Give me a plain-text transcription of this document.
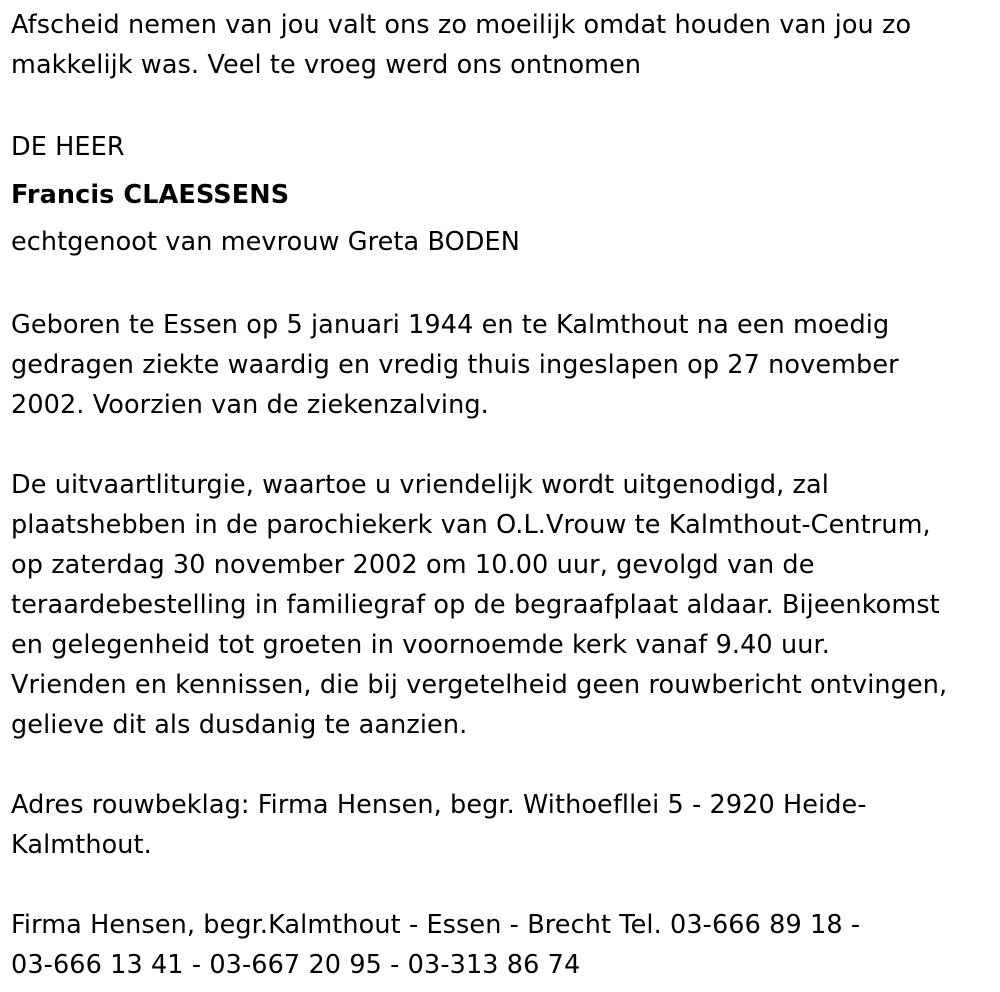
Afscheid nemen van jou valt ons zo moeilijk omdat houden van jou zo
makkelijk was. Veel te vroeg werd ons ontnomen
DE HEER
Francis CLAESSENS
echtgenoot van mevrouw Greta BODEN
Geboren te Essen op 5 januari 1944 en te Kalmthout na een moedig
gedragen ziekte waardig en vredig thuis ingeslapen op 27 november
2002. Voorzien van de ziekenzalving.
De uitvaartliturgie, waartoe u vriendelijk wordt uitgenodigd, zal
plaatshebben in de parochiekerk van O.L.Vrouw te Kalmthout-Centrum,
op zaterdag 30 november 2002 om 10.00 uur, gevolgd van de
teraardebestelling in familiegraf op de begraafplaat aldaar. Bijeenkomst
en gelegenheid tot groeten in voornoemde kerk vanaf 9.40 uur.
Vrienden en kennissen, die bij vergetelheid geen rouwbericht ontvingen,
gelieve dit als dusdanig te aanzien.
Adres rouwbeklag: Firma Hensen, begr. Withoefllei 5 - 2920 Heide-
Kalmthout.
Firma Hensen, begr.Kalmthout - Essen - Brecht Tel. 03-666 89 18 -
03-666 13 41 - 03-667 20 95 - 03-313 86 74
